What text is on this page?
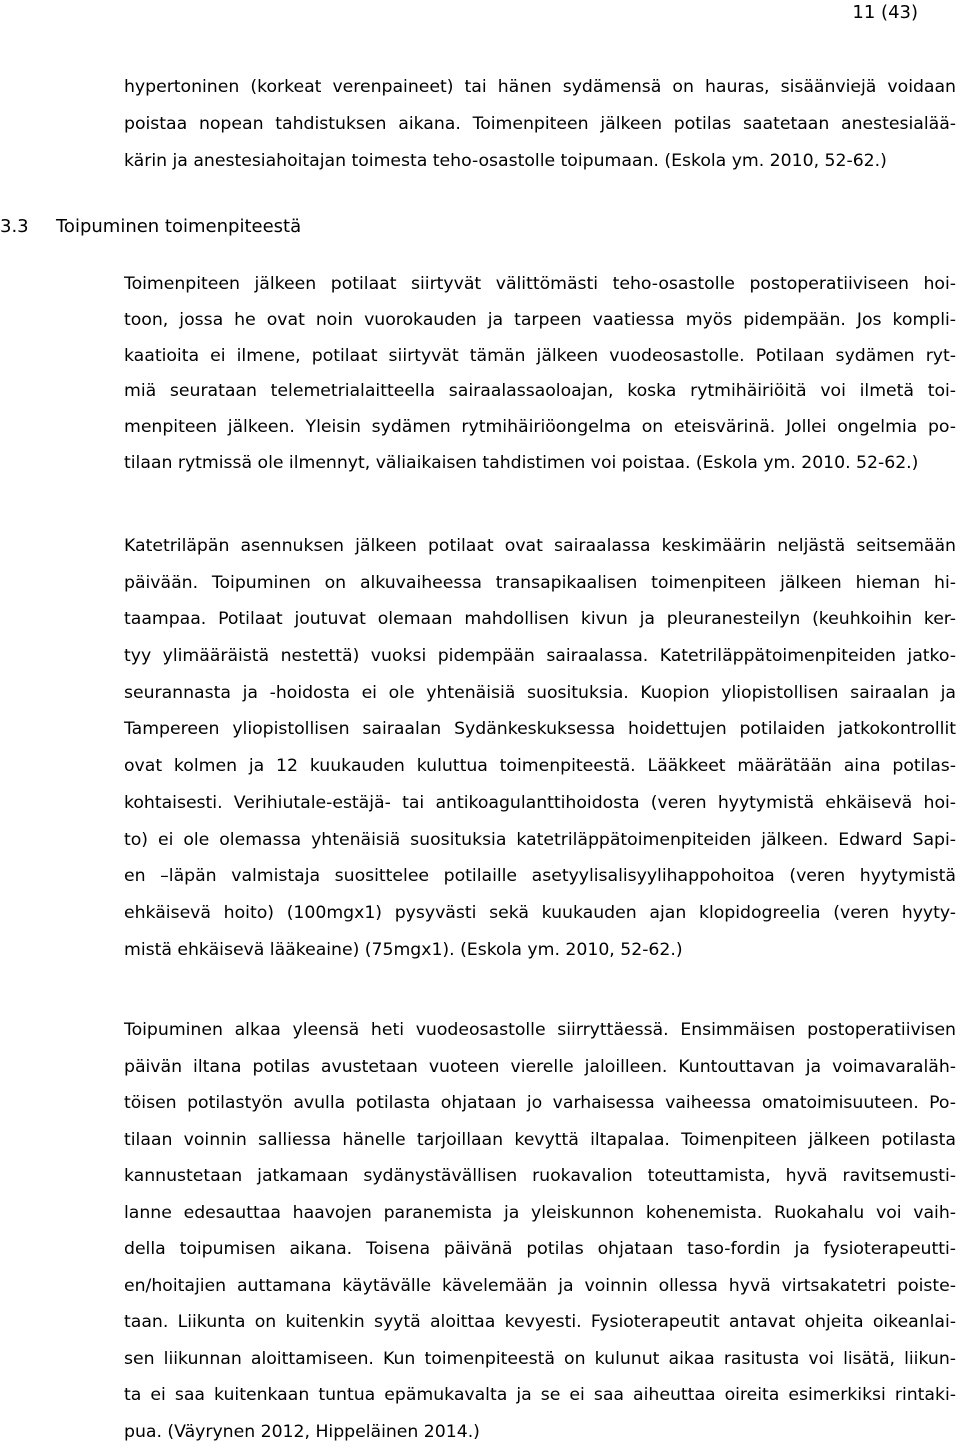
11 (43)
hypertoninen (korkeat verenpaineet) tai hänen sydämensä on hauras, sisäänviejä voidaan
poistaa nopean tahdistuksen aikana. Toimenpiteen jälkeen potilas saatetaan anestesialää-
kärin ja anestesiahoitajan toimesta teho-osastolle toipumaan. (Eskola ym. 2010, 52-62.)
3.3 Toipuminen toimenpiteestä
Toimenpiteen jälkeen potilaat siirtyvät välittömästi teho-osastolle postoperatiiviseen hoi-
toon, jossa he ovat noin vuorokauden ja tarpeen vaatiessa myös pidempään. Jos kompli-
kaatioita ei ilmene, potilaat siirtyvät tämän jälkeen vuodeosastolle. Potilaan sydämen ryt-
miä seurataan telemetrialaitteella sairaalassaoloajan, koska rytmihäiriöitä voi ilmetä toi-
menpiteen jälkeen. Yleisin sydämen rytmihäiriöongelma on eteisvärinä. Jollei ongelmia po-
tilaan rytmissä ole ilmennyt, väliaikaisen tahdistimen voi poistaa. (Eskola ym. 2010. 52-62.)
Katetriläpän asennuksen jälkeen potilaat ovat sairaalassa keskimäärin neljästä seitsemään
päivään. Toipuminen on alkuvaiheessa transapikaalisen toimenpiteen jälkeen hieman hi-
taampaa. Potilaat joutuvat olemaan mahdollisen kivun ja pleuranesteilyn (keuhkoihin ker-
tyy ylimääräistä nestettä) vuoksi pidempään sairaalassa. Katetriläppätoimenpiteiden jatko-
seurannasta ja -hoidosta ei ole yhtenäisiä suosituksia. Kuopion yliopistollisen sairaalan ja
Tampereen yliopistollisen sairaalan Sydänkeskuksessa hoidettujen potilaiden jatkokontrollit
ovat kolmen ja 12 kuukauden kuluttua toimenpiteestä. Lääkkeet määrätään aina potilas-
kohtaisesti. Verihiutale-estäjä- tai antikoagulanttihoidosta (veren hyytymistä ehkäisevä hoi-
to) ei ole olemassa yhtenäisiä suosituksia katetriläppätoimenpiteiden jälkeen. Edward Sapi-
en –läpän valmistaja suosittelee potilaille asetyylisalisyylihappohoitoa (veren hyytymistä
ehkäisevä hoito) (100mgx1) pysyvästi sekä kuukauden ajan klopidogreelia (veren hyyty-
mistä ehkäisevä lääkeaine) (75mgx1). (Eskola ym. 2010, 52-62.)
Toipuminen alkaa yleensä heti vuodeosastolle siirryttäessä. Ensimmäisen postoperatiivisen
päivän iltana potilas avustetaan vuoteen vierelle jaloilleen. Kuntouttavan ja voimavaraläh-
töisen potilastyön avulla potilasta ohjataan jo varhaisessa vaiheessa omatoimisuuteen. Po-
tilaan voinnin salliessa hänelle tarjoillaan kevyttä iltapalaa. Toimenpiteen jälkeen potilasta
kannustetaan jatkamaan sydänystävällisen ruokavalion toteuttamista, hyvä ravitsemusti-
lanne edesauttaa haavojen paranemista ja yleiskunnon kohenemista. Ruokahalu voi vaih-
della toipumisen aikana. Toisena päivänä potilas ohjataan taso-fordin ja fysioterapeutti-
en/hoitajien auttamana käytävälle kävelemään ja voinnin ollessa hyvä virtsakatetri poiste-
taan. Liikunta on kuitenkin syytä aloittaa kevyesti. Fysioterapeutit antavat ohjeita oikeanlai-
sen liikunnan aloittamiseen. Kun toimenpiteestä on kulunut aikaa rasitusta voi lisätä, liikun-
ta ei saa kuitenkaan tuntua epämukavalta ja se ei saa aiheuttaa oireita esimerkiksi rintaki-
pua. (Väyrynen 2012, Hippeläinen 2014.)
